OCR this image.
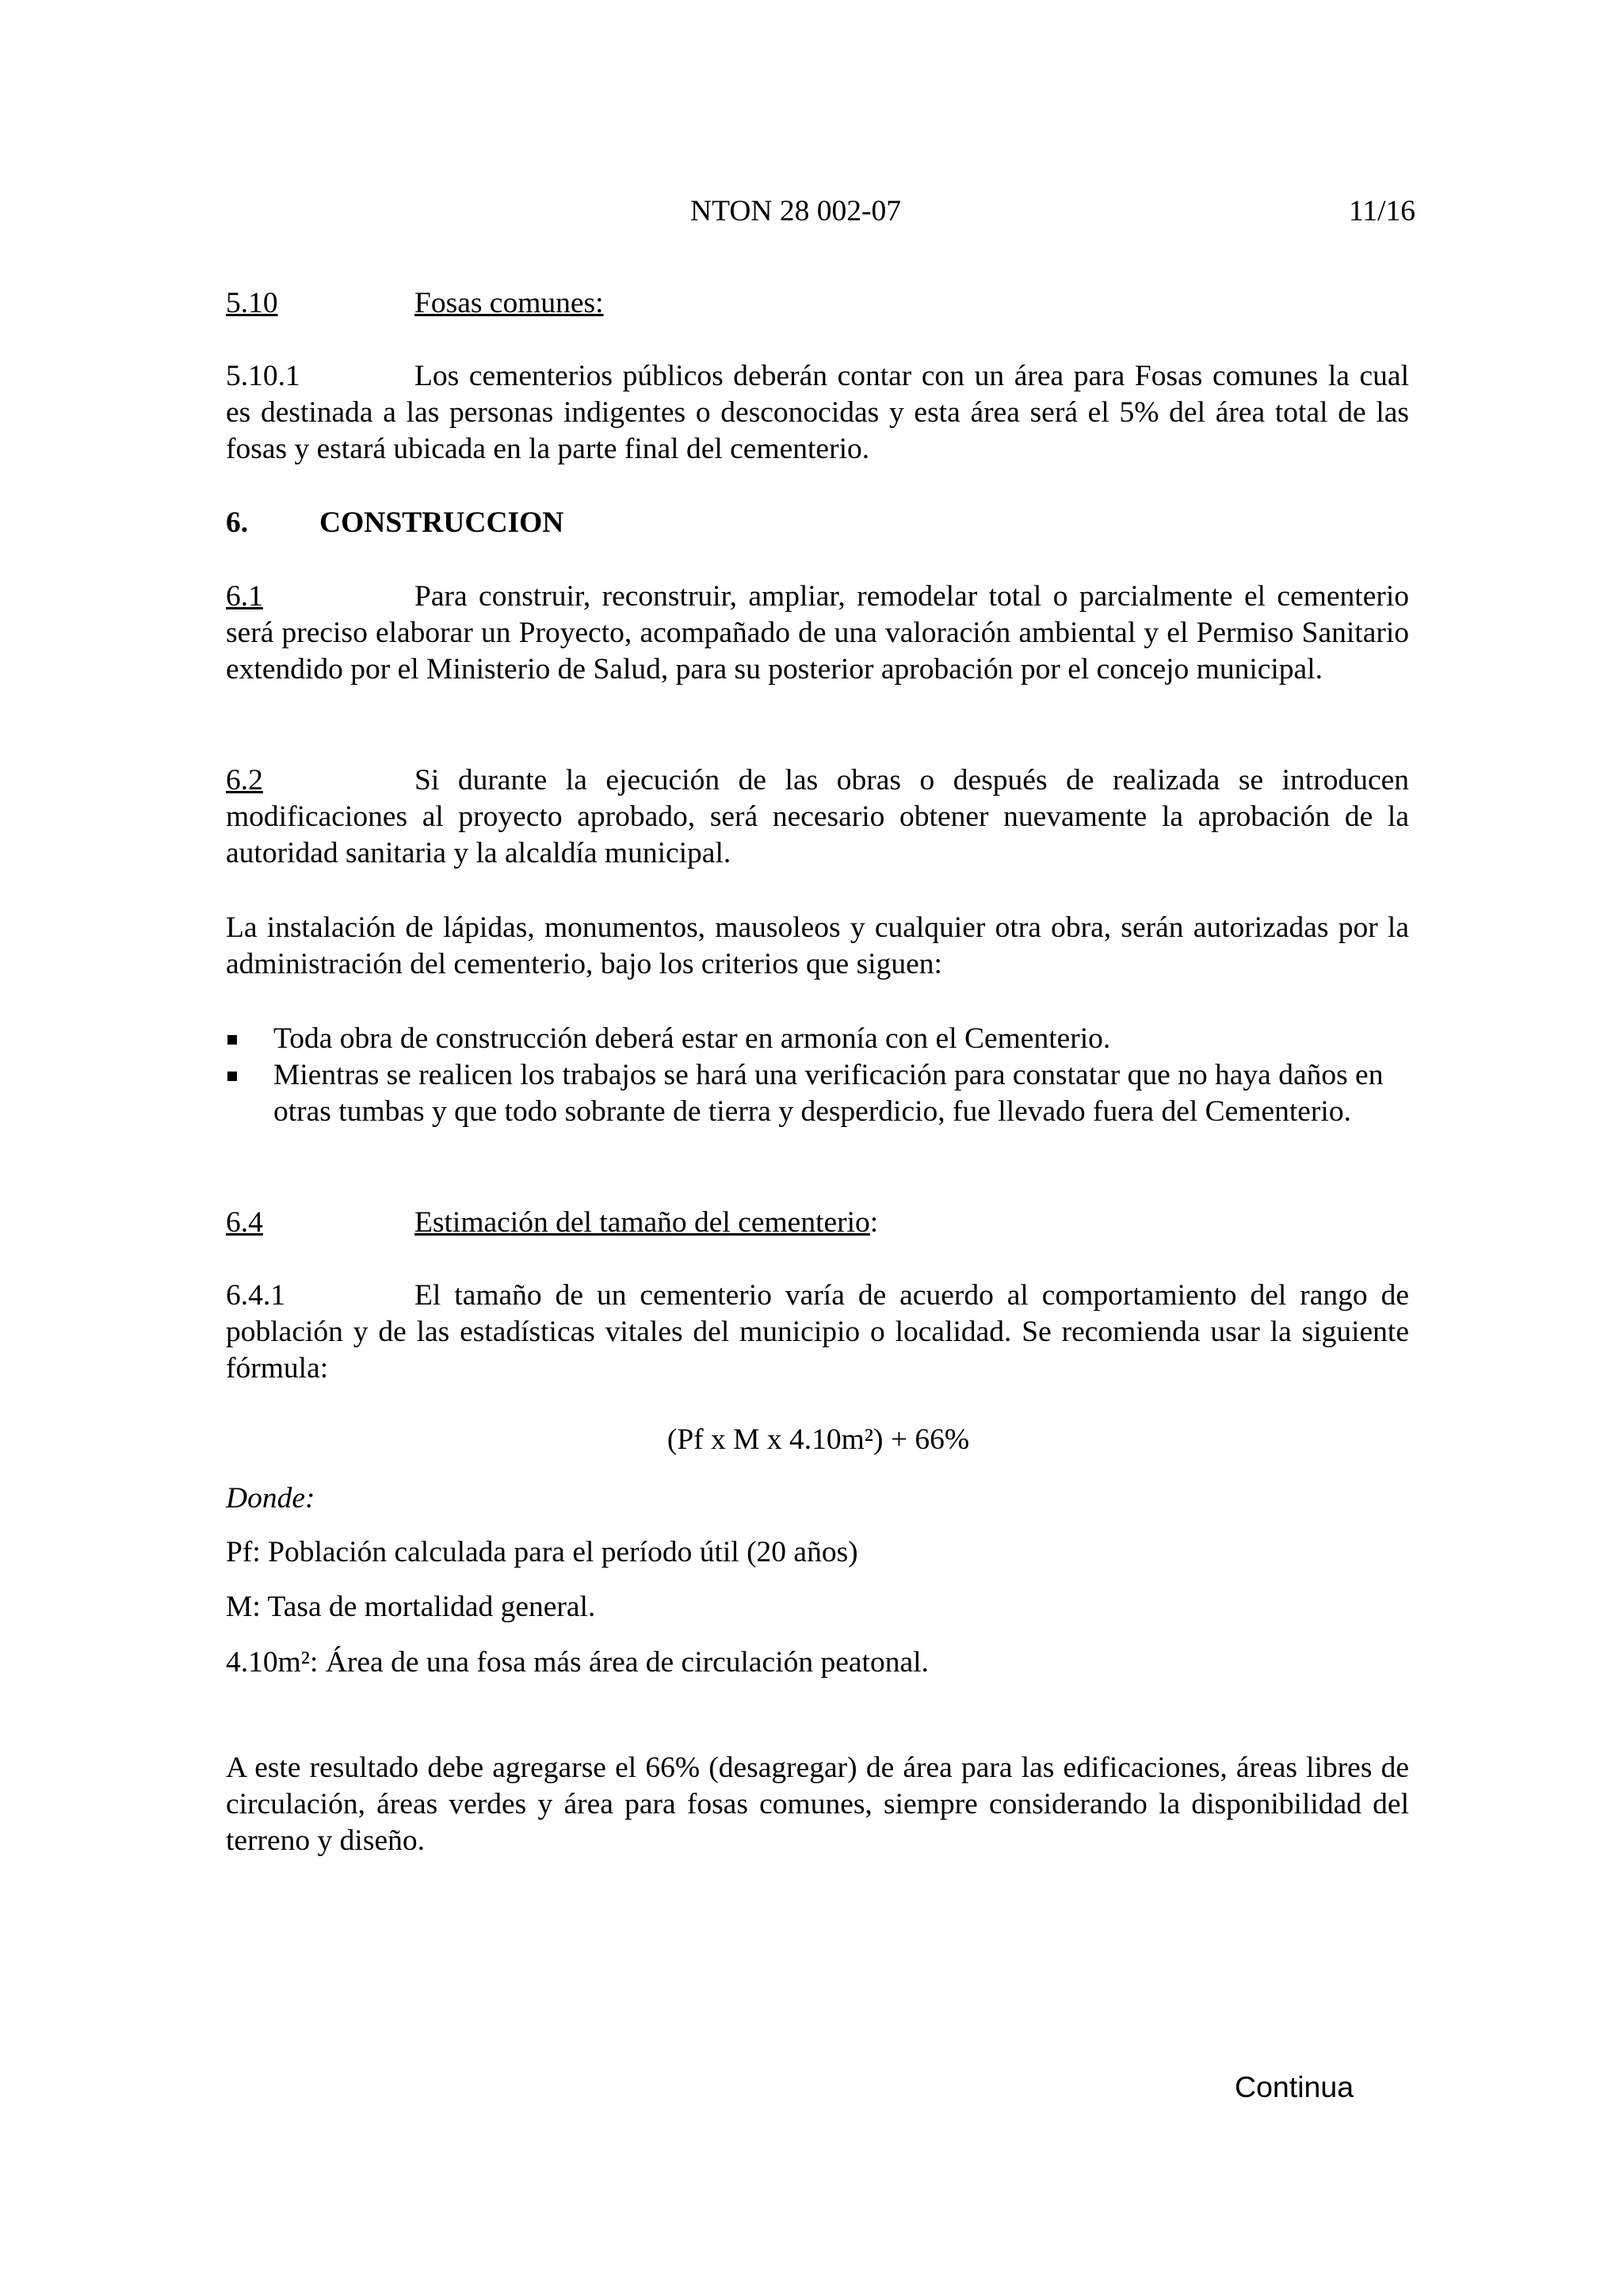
NTON 28 002-07	11/16

5.10	Fosas comunes:

5.10.1	Los cementerios públicos deberán contar con un área para Fosas comunes la cual es destinada a las personas indigentes o desconocidas y esta área será el 5% del área total de las fosas y estará ubicada en la parte final del cementerio.

6. CONSTRUCCION

6.1	Para construir, reconstruir, ampliar, remodelar total o parcialmente el cementerio será preciso elaborar un Proyecto, acompañado de una valoración ambiental y el Permiso Sanitario extendido por el Ministerio de Salud, para su posterior aprobación por el concejo municipal.

6.2	Si durante la ejecución de las obras o después de realizada se introducen modificaciones al proyecto aprobado, será necesario obtener nuevamente la aprobación de la autoridad sanitaria y la alcaldía municipal.

La instalación de lápidas, monumentos, mausoleos y cualquier otra obra, serán autorizadas por la administración del cementerio, bajo los criterios que siguen:

Toda obra de construcción deberá estar en armonía con el Cementerio.
Mientras se realicen los trabajos se hará una verificación para constatar que no haya daños en otras tumbas y que todo sobrante de tierra y desperdicio, fue llevado fuera del Cementerio.

6.4	Estimación del tamaño del cementerio:

6.4.1	El tamaño de un cementerio varía de acuerdo al comportamiento del rango de población y de las estadísticas vitales del municipio o localidad. Se recomienda usar la siguiente fórmula:

(Pf x M x 4.10m²) + 66%

Donde:

Pf: Población calculada para el período útil (20 años)

M: Tasa de mortalidad general.

4.10m²: Área de una fosa más área de circulación peatonal.

A este resultado debe agregarse el 66% (desagregar) de área para las edificaciones, áreas libres de circulación, áreas verdes y área para fosas comunes, siempre considerando la disponibilidad del terreno y diseño.

Continua
